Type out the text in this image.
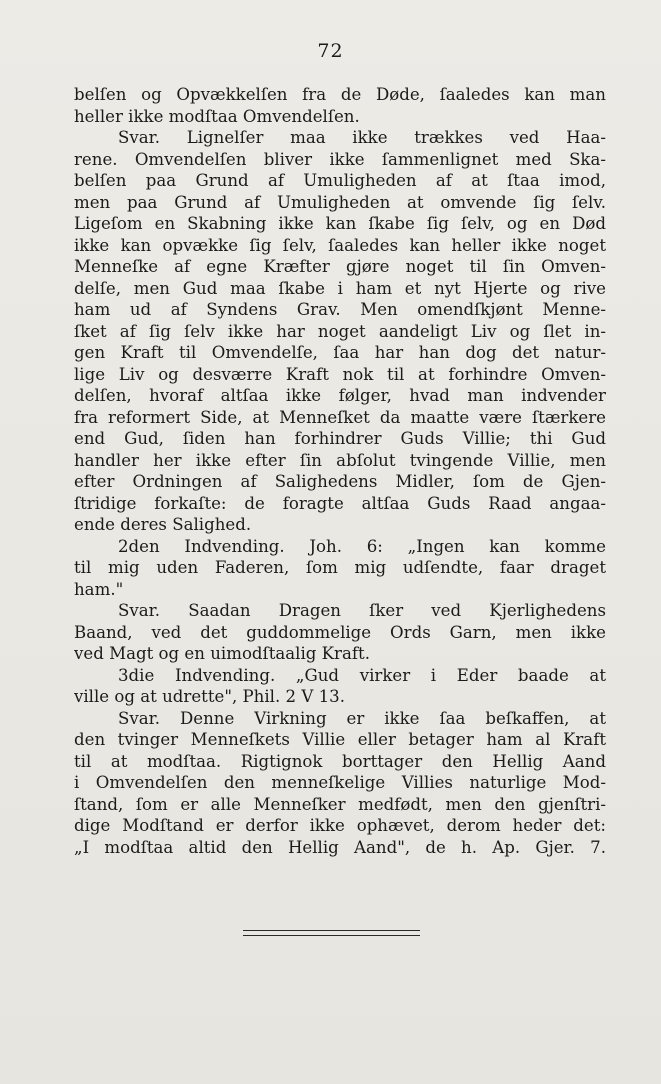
72
belſen og Opvækkelſen fra de Døde, ſaaledes kan man
heller ikke modſtaa Omvendelſen.
Svar. Lignelſer maa ikke trækkes ved Haa-
rene. Omvendelſen bliver ikke ſammenlignet med Ska-
belſen paa Grund af Umuligheden af at ſtaa imod,
men paa Grund af Umuligheden at omvende ſig ſelv.
Ligeſom en Skabning ikke kan ſkabe ſig ſelv, og en Død
ikke kan opvække ſig ſelv, ſaaledes kan heller ikke noget
Menneſke af egne Kræfter gjøre noget til ſin Omven-
delſe, men Gud maa ſkabe i ham et nyt Hjerte og rive
ham ud af Syndens Grav. Men omendſkjønt Menne-
ſket af ſig ſelv ikke har noget aandeligt Liv og ſlet in-
gen Kraft til Omvendelſe, ſaa har han dog det natur-
lige Liv og desværre Kraft nok til at forhindre Omven-
delſen, hvoraf altſaa ikke følger, hvad man indvender
fra reformert Side, at Menneſket da maatte være ſtærkere
end Gud, ſiden han forhindrer Guds Villie; thi Gud
handler her ikke efter ſin abſolut tvingende Villie, men
efter Ordningen af Salighedens Midler, ſom de Gjen-
ſtridige forkaſte: de foragte altſaa Guds Raad angaa-
ende deres Salighed.
2den Indvending. Joh. 6: „Ingen kan komme
til mig uden Faderen, ſom mig udſendte, faar draget
ham."
Svar. Saadan Dragen ſker ved Kjerlighedens
Baand, ved det guddommelige Ords Garn, men ikke
ved Magt og en uimodſtaalig Kraft.
3die Indvending. „Gud virker i Eder baade at
ville og at udrette", Phil. 2 V 13.
Svar. Denne Virkning er ikke ſaa beſkaffen, at
den tvinger Menneſkets Villie eller betager ham al Kraft
til at modſtaa. Rigtignok borttager den Hellig Aand
i Omvendelſen den menneſkelige Villies naturlige Mod-
ſtand, ſom er alle Menneſker medfødt, men den gjenſtri-
dige Modſtand er derfor ikke ophævet, derom heder det:
„I modſtaa altid den Hellig Aand", de h. Ap. Gjer. 7.
